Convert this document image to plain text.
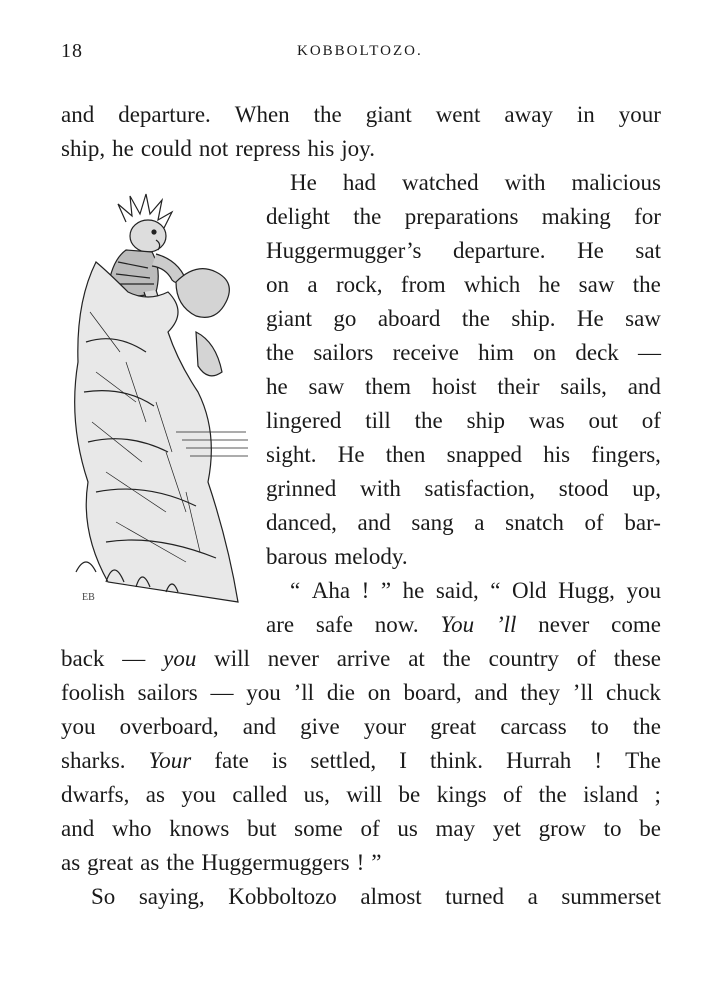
18	KOBBOLTOZO.
EB
and departure. When the giant went away in your
ship, he could not repress his joy.
He had watched with malicious
delight the preparations making for
Huggermugger’s departure. He sat
on a rock, from which he saw the
giant go aboard the ship. He saw
the sailors receive him on deck —
he saw them hoist their sails, and
lingered till the ship was out of
sight. He then snapped his fingers,
grinned with satisfaction, stood up,
danced, and sang a snatch of bar-
barous melody.
“ Aha ! ” he said, “ Old Hugg, you
are safe now. You ’ll never come
back — you will never arrive at the country of these
foolish sailors — you ’ll die on board, and they ’ll chuck
you overboard, and give your great carcass to the
sharks. Your fate is settled, I think. Hurrah ! The
dwarfs, as you called us, will be kings of the island ;
and who knows but some of us may yet grow to be
as great as the Huggermuggers ! ”
So saying, Kobboltozo almost turned a summerset
